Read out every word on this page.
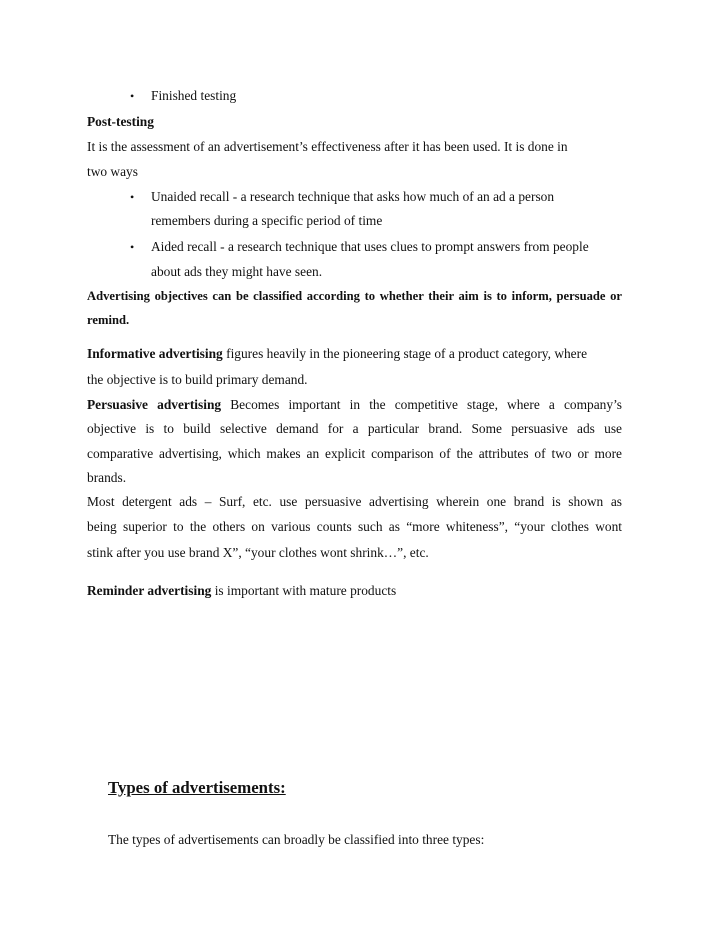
• Finished testing
Post-testing
It is the assessment of an advertisement’s effectiveness after it has been used. It is done in
two ways
• Unaided recall - a research technique that asks how much of an ad a person
remembers during a specific period of time
• Aided recall - a research technique that uses clues to prompt answers from people
about ads they might have seen.
Advertising objectives can be classified according to whether their aim is to inform, persuade or
remind.
Informative advertising figures heavily in the pioneering stage of a product category, where
the objective is to build primary demand.
Persuasive advertising Becomes important in the competitive stage, where a company’s
objective is to build selective demand for a particular brand. Some persuasive ads use
comparative advertising, which makes an explicit comparison of the attributes of two or more
brands.
Most detergent ads – Surf, etc. use persuasive advertising wherein one brand is shown as
being superior to the others on various counts such as “more whiteness”, “your clothes wont
stink after you use brand X”, “your clothes wont shrink…”, etc.
Reminder advertising is important with mature products
Types of advertisements:
The types of advertisements can broadly be classified into three types:
